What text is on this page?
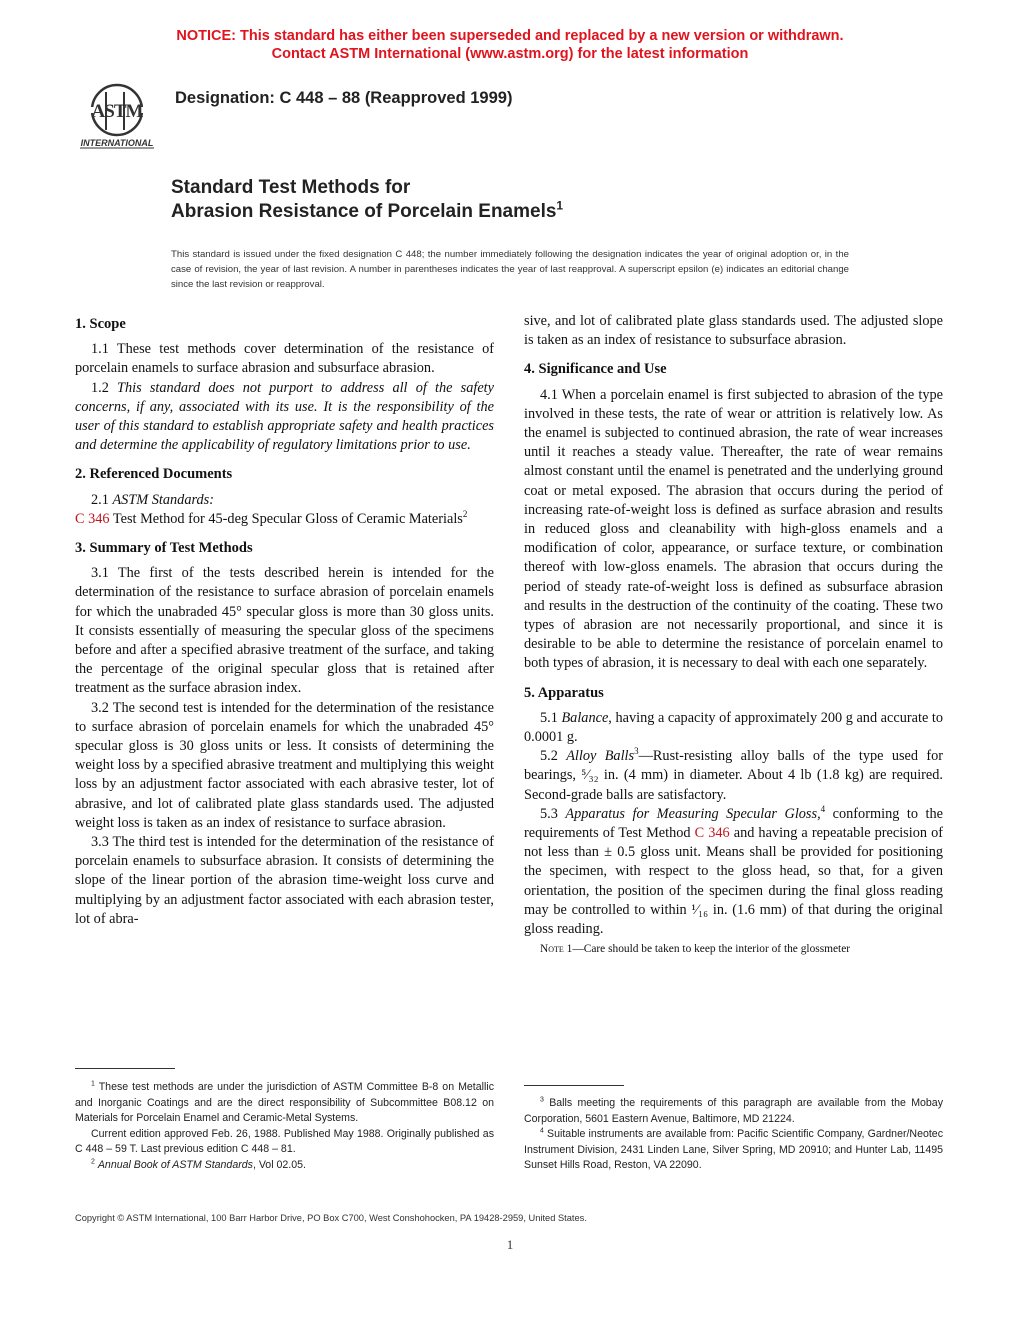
NOTICE: This standard has either been superseded and replaced by a new version or withdrawn.
Contact ASTM International (www.astm.org) for the latest information
ASTM
INTERNATIONAL
Designation: C 448 – 88 (Reapproved 1999)
Standard Test Methods for
Abrasion Resistance of Porcelain Enamels$^1$
This standard is issued under the fixed designation C 448; the number immediately following the designation indicates the year of original adoption or, in the case of revision, the year of last revision. A number in parentheses indicates the year of last reapproval. A superscript epsilon (e) indicates an editorial change since the last revision or reapproval.
1. Scope

1.1 These test methods cover determination of the resistance of porcelain enamels to surface abrasion and subsurface abrasion.

1.2 This standard does not purport to address all of the safety concerns, if any, associated with its use. It is the responsibility of the user of this standard to establish appropriate safety and health practices and determine the applicability of regulatory limitations prior to use.

2. Referenced Documents

2.1 ASTM Standards:

C 346 Test Method for 45-deg Specular Gloss of Ceramic Materials$^2$

3. Summary of Test Methods

3.1 The first of the tests described herein is intended for the determination of the resistance to surface abrasion of porcelain enamels for which the unabraded 45° specular gloss is more than 30 gloss units. It consists essentially of measuring the specular gloss of the specimens before and after a specified abrasive treatment of the surface, and taking the percentage of the original specular gloss that is retained after treatment as the surface abrasion index.

3.2 The second test is intended for the determination of the resistance to surface abrasion of porcelain enamels for which the unabraded 45° specular gloss is 30 gloss units or less. It consists of determining the weight loss by a specified abrasive treatment and multiplying this weight loss by an adjustment factor associated with each abrasive tester, lot of abrasive, and lot of calibrated plate glass standards used. The adjusted weight loss is taken as an index of resistance to surface abrasion.

3.3 The third test is intended for the determination of the resistance of porcelain enamels to subsurface abrasion. It consists of determining the slope of the linear portion of the abrasion time-weight loss curve and multiplying by an adjustment factor associated with each abrasion tester, lot of abra-

sive, and lot of calibrated plate glass standards used. The adjusted slope is taken as an index of resistance to subsurface abrasion.

4. Significance and Use

4.1 When a porcelain enamel is first subjected to abrasion of the type involved in these tests, the rate of wear or attrition is relatively low. As the enamel is subjected to continued abrasion, the rate of wear increases until it reaches a steady value. Thereafter, the rate of wear remains almost constant until the enamel is penetrated and the underlying ground coat or metal exposed. The abrasion that occurs during the period of increasing rate-of-weight loss is defined as surface abrasion and results in reduced gloss and cleanability with high-gloss enamels and a modification of color, appearance, or surface texture, or combination thereof with low-gloss enamels. The abrasion that occurs during the period of steady rate-of-weight loss is defined as subsurface abrasion and results in the destruction of the continuity of the coating. These two types of abrasion are not necessarily proportional, and since it is desirable to be able to determine the resistance of porcelain enamel to both types of abrasion, it is necessary to deal with each one separately.

5. Apparatus

5.1 Balance, having a capacity of approximately 200 g and accurate to 0.0001 g.

5.2 Alloy Balls$^3$—Rust-resisting alloy balls of the type used for bearings, ⁵⁄₃₂ in. (4 mm) in diameter. About 4 lb (1.8 kg) are required. Second-grade balls are satisfactory.

5.3 Apparatus for Measuring Specular Gloss,$^4$ conforming to the requirements of Test Method C 346 and having a repeatable precision of not less than ± 0.5 gloss unit. Means shall be provided for positioning the specimen, with respect to the gloss head, so that, for a given orientation, the position of the specimen during the final gloss reading may be controlled to within ¹⁄₁₆ in. (1.6 mm) of that during the original gloss reading.

Note 1—Care should be taken to keep the interior of the glossmeter

$^1$ These test methods are under the jurisdiction of ASTM Committee B-8 on Metallic and Inorganic Coatings and are the direct responsibility of Subcommittee B08.12 on Materials for Porcelain Enamel and Ceramic-Metal Systems.

Current edition approved Feb. 26, 1988. Published May 1988. Originally published as C 448 – 59 T. Last previous edition C 448 – 81.

$^2$ Annual Book of ASTM Standards, Vol 02.05.

$^3$ Balls meeting the requirements of this paragraph are available from the Mobay Corporation, 5601 Eastern Avenue, Baltimore, MD 21224.

$^4$ Suitable instruments are available from: Pacific Scientific Company, Gardner/Neotec Instrument Division, 2431 Linden Lane, Silver Spring, MD 20910; and Hunter Lab, 11495 Sunset Hills Road, Reston, VA 22090.

Copyright © ASTM International, 100 Barr Harbor Drive, PO Box C700, West Conshohocken, PA 19428-2959, United States.
1
